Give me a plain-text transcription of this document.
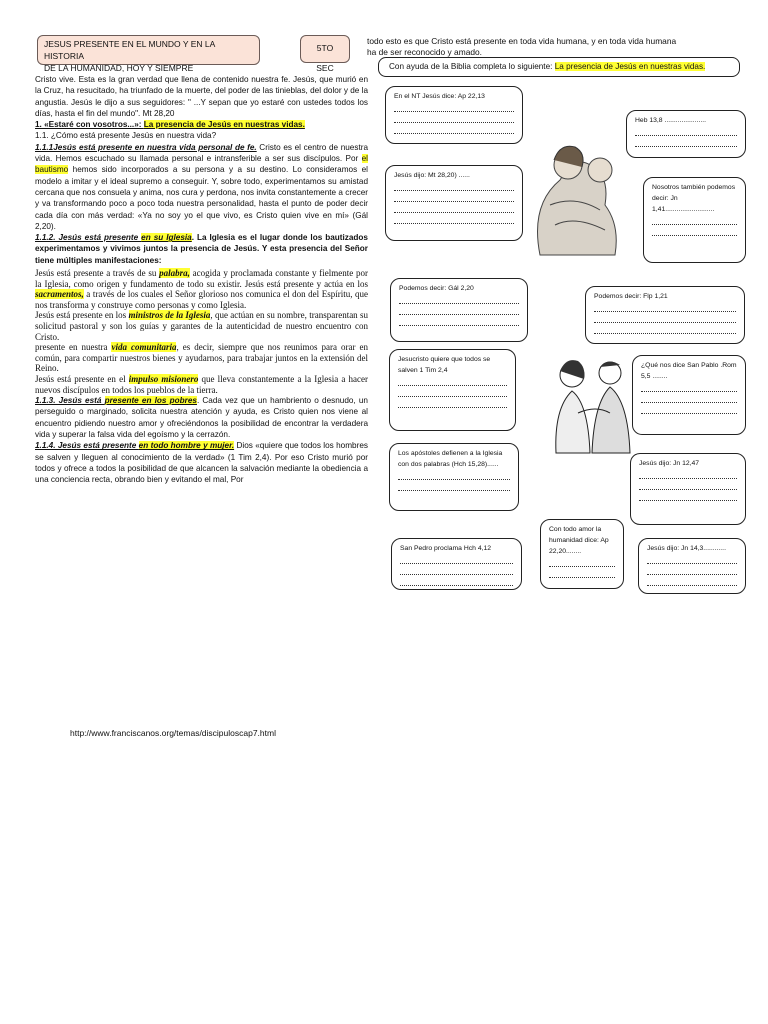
JESUS PRESENTE EN EL MUNDO Y EN LA HISTORIA
DE LA HUMANIDAD, HOY Y SIEMPRE
5TO SEC
todo esto es que Cristo está presente en toda vida humana, y en toda vida humana
ha de ser reconocido y amado.
Con ayuda de la Biblia completa lo siguiente: La presencia de Jesús en nuestras vidas.

Cristo vive. Esta es la gran verdad que llena de contenido nuestra fe. Jesús, que murió en la Cruz, ha resucitado, ha triunfado de la muerte, del poder de las tinieblas, del dolor y de la angustia. Jesús le dijo a sus seguidores: " ...Y sepan que yo estaré con ustedes todos los días, hasta el fin del mundo". Mt 28,20

1. «Estaré con vosotros...»: La presencia de Jesús en nuestras vidas.

1.1. ¿Cómo está presente Jesús en nuestra vida?

1.1.1Jesús está presente en nuestra vida personal de fe. Cristo es el centro de nuestra vida. Hemos escuchado su llamada personal e intransferible a ser sus discípulos. Por el bautismo hemos sido incorporados a su persona y a su destino. Lo consideramos el modelo a imitar y el ideal supremo a conseguir. Y, sobre todo, experimentamos su amistad cercana que nos consuela y anima, nos cura y perdona, nos invita constantemente a crecer y va transformando poco a poco toda nuestra personalidad, hasta el punto de poder decir cada día con más verdad: «Ya no soy yo el que vivo, es Cristo quien vive en mí» (Gál 2,20).

1.1.2. Jesús está presente en su Iglesia. La Iglesia es el lugar donde los bautizados experimentamos y vivimos juntos la presencia de Jesús. Y esta presencia del Señor tiene múltiples manifestaciones:

Jesús está presente a través de su palabra, acogida y proclamada constante y fielmente por la Iglesia, como origen y fundamento de todo su existir. Jesús está presente y actúa en los sacramentos, a través de los cuales el Señor glorioso nos comunica el don del Espíritu, que nos transforma y construye como personas y como Iglesia.

Jesús está presente en los ministros de la Iglesia, que actúan en su nombre, transparentan su solicitud pastoral y son los guías y garantes de la autenticidad de nuestro encuentro con Cristo.

presente en nuestra vida comunitaria, es decir, siempre que nos reunimos para orar en común, para compartir nuestros bienes y ayudarnos, para trabajar juntos en la extensión del Reino.

Jesús está presente en el impulso misionero que lleva constantemente a la Iglesia a hacer nuevos discípulos en todos los pueblos de la tierra.

1.1.3. Jesús está presente en los pobres. Cada vez que un hambriento o desnudo, un perseguido o marginado, solicita nuestra atención y ayuda, es Cristo quien nos viene al encuentro pidiendo nuestro amor y ofreciéndonos la posibilidad de encontrar la verdadera vida y superar la falsa vida del egoísmo y la cerrazón.

1.1.4. Jesús está presente en todo hombre y mujer. Dios «quiere que todos los hombres se salven y lleguen al conocimiento de la verdad» (1 Tim 2,4). Por eso Cristo murió por todos y ofrece a todos la posibilidad de que alcancen la salvación mediante la obediencia a una conciencia recta, obrando bien y evitando el mal, Por

En el NT Jesús dice: Ap 22,13
Heb 13,8 ......................
Jesús dijo: Mt 28,20) ......
Nosotros también podemos decir: Jn 1,41..........................
Podemos decir: Gál 2,20
Podemos decir: Flp 1,21
Jesucristo quiere que todos se salven 1 Tim 2,4
¿Qué nos dice San Pablo .Rom 5,5 ........
Los apóstoles defienen a la Iglesia con dos palabras (Hch 15,28)......	Jesús dijo: Jn 12,47
Con todo amor la humanidad dice: Ap 22,20........
San Pedro proclama Hch 4,12	Jesús dijo: Jn 14,3............
http://www.franciscanos.org/temas/discipuloscap7.html
